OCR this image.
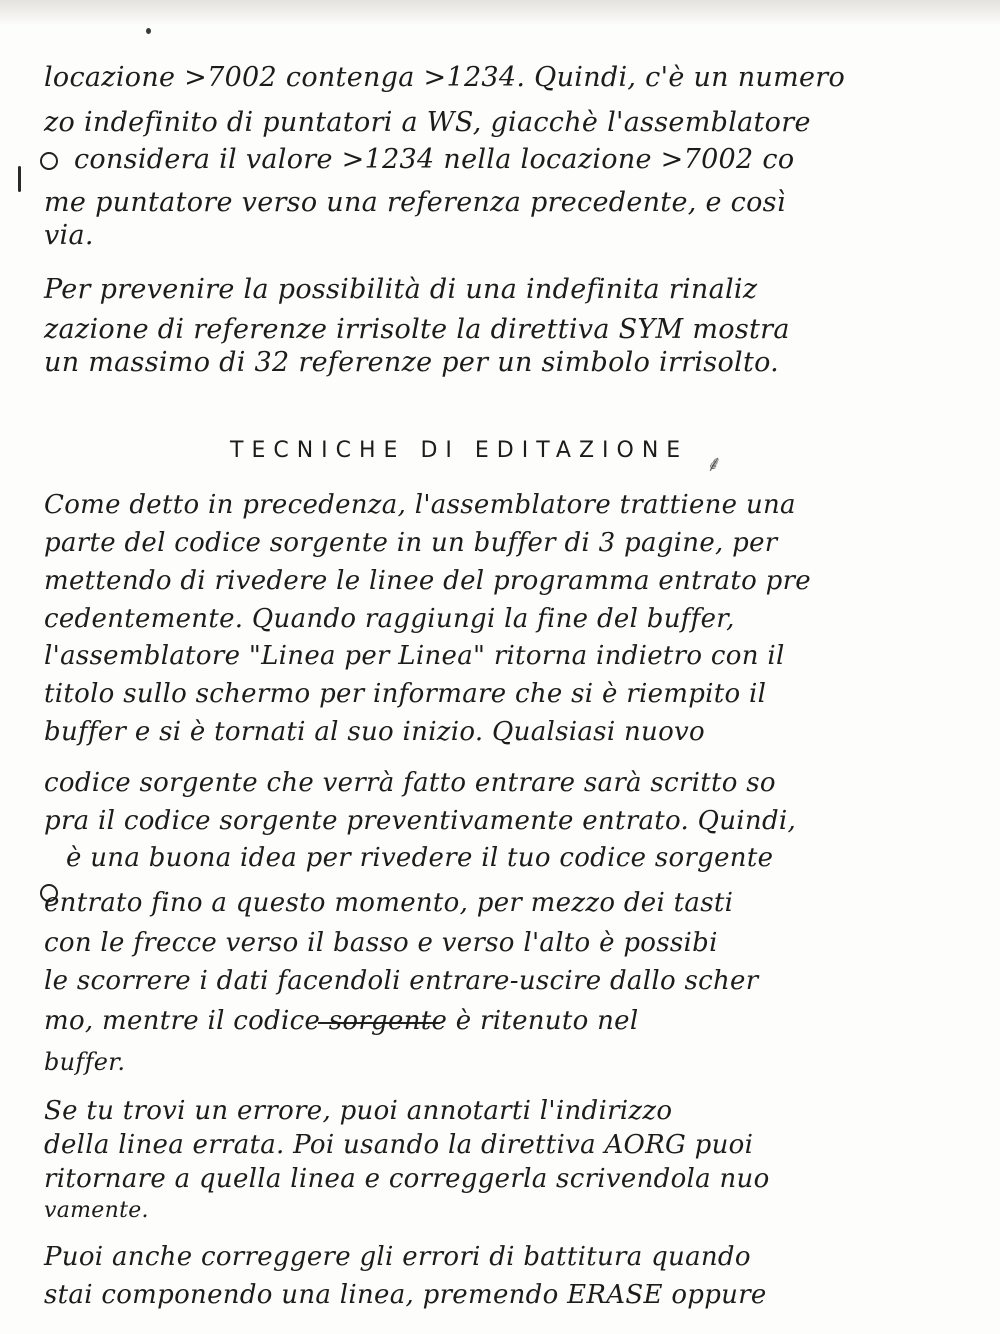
locazione >7002 contenga >1234. Quindi, c'è un numero
zo indefinito di puntatori a WS, giacchè l'assemblatore
considera il valore >1234 nella locazione >7002 co
me puntatore verso una referenza precedente, e così
via.
Per prevenire la possibilità di una indefinita rinaliz
zazione di referenze irrisolte la direttiva SYM mostra
un massimo di 32 referenze per un simbolo irrisolto.
TECNICHE DI EDITAZIONE
⸙
Come detto in precedenza, l'assemblatore trattiene una
parte del codice sorgente in un buffer di 3 pagine, per
mettendo di rivedere le linee del programma entrato pre
cedentemente. Quando raggiungi la fine del buffer,
l'assemblatore "Linea per Linea" ritorna indietro con il
titolo sullo schermo per informare che si è riempito il
buffer e si è tornati al suo inizio. Qualsiasi nuovo
codice sorgente che verrà fatto entrare sarà scritto so
pra il codice sorgente preventivamente entrato. Quindi,
è una buona idea per rivedere il tuo codice sorgente
entrato fino a questo momento, per mezzo dei tasti
con le frecce verso il basso e verso l'alto è possibi
le scorrere i dati facendoli entrare-uscire dallo scher
mo, mentre il codice sorgente è ritenuto nel
buffer.
Se tu trovi un errore, puoi annotarti l'indirizzo
della linea errata. Poi usando la direttiva AORG puoi
ritornare a quella linea e correggerla scrivendola nuo
vamente.
Puoi anche correggere gli errori di battitura quando
stai componendo una linea, premendo ERASE oppure
